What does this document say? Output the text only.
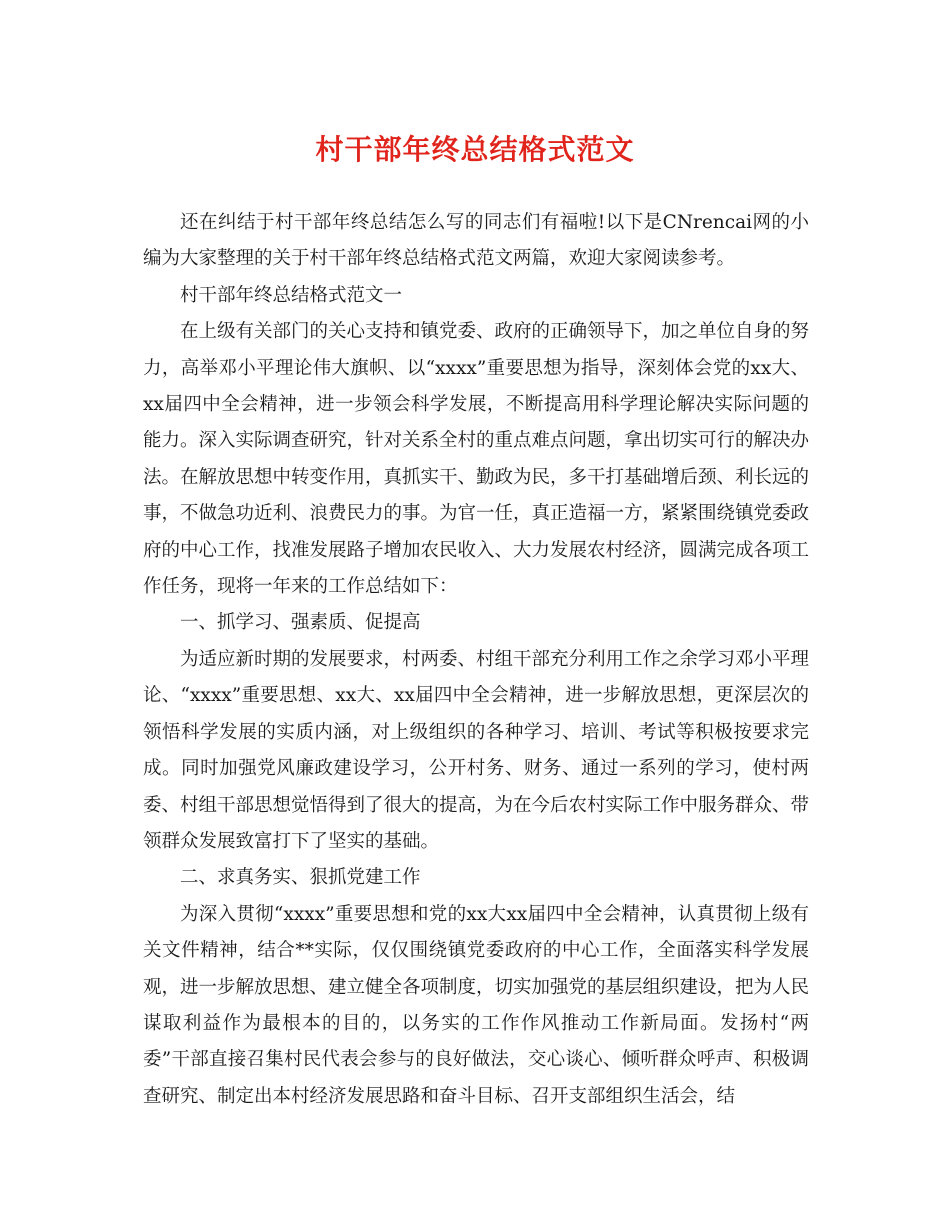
村干部年终总结格式范文

还在纠结于村干部年终总结怎么写的同志们有福啦!以下是CNrencai网的小编为大家整理的关于村干部年终总结格式范文两篇，欢迎大家阅读参考。

村干部年终总结格式范文一

在上级有关部门的关心支持和镇党委、政府的正确领导下，加之单位自身的努力，高举邓小平理论伟大旗帜、以“xxxx”重要思想为指导，深刻体会党的xx大、xx届四中全会精神，进一步领会科学发展，不断提高用科学理论解决实际问题的能力。深入实际调查研究，针对关系全村的重点难点问题，拿出切实可行的解决办法。在解放思想中转变作用，真抓实干、勤政为民，多干打基础增后颈、利长远的事，不做急功近利、浪费民力的事。为官一任，真正造福一方，紧紧围绕镇党委政府的中心工作，找准发展路子增加农民收入、大力发展农村经济，圆满完成各项工作任务，现将一年来的工作总结如下：

一、抓学习、强素质、促提高

为适应新时期的发展要求，村两委、村组干部充分利用工作之余学习邓小平理论、“xxxx”重要思想、xx大、xx届四中全会精神，进一步解放思想，更深层次的领悟科学发展的实质内涵，对上级组织的各种学习、培训、考试等积极按要求完成。同时加强党风廉政建设学习，公开村务、财务、通过一系列的学习，使村两委、村组干部思想觉悟得到了很大的提高，为在今后农村实际工作中服务群众、带领群众发展致富打下了坚实的基础。

二、求真务实、狠抓党建工作

为深入贯彻“xxxx”重要思想和党的xx大xx届四中全会精神，认真贯彻上级有关文件精神，结合**实际，仅仅围绕镇党委政府的中心工作，全面落实科学发展观，进一步解放思想、建立健全各项制度，切实加强党的基层组织建设，把为人民谋取利益作为最根本的目的，以务实的工作作风推动工作新局面。发扬村“两委”干部直接召集村民代表会参与的良好做法，交心谈心、倾听群众呼声、积极调查研究、制定出本村经济发展思路和奋斗目标、召开支部组织生活会，结
